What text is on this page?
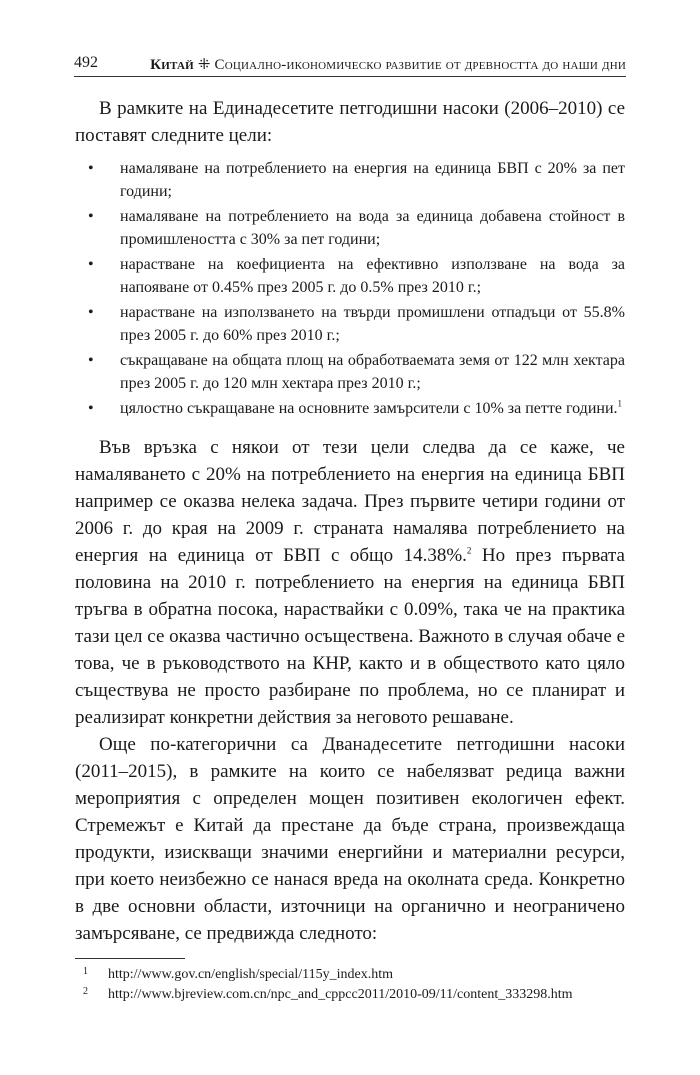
492	Китай ⁜ Социално-икономическо развитие от древността до наши дни

В рамките на Единадесетите петгодишни насоки (2006–2010) се поставят следните цели:

• намаляване на потреблението на енергия на единица БВП с 20% за пет години;
• намаляване на потреблението на вода за единица добавена стойност в промишлеността с 30% за пет години;
• нарастване на коефициента на ефективно използване на вода за напояване от 0.45% през 2005 г. до 0.5% през 2010 г.;
• нарастване на използването на твърди промишлени отпадъци от 55.8% през 2005 г. до 60% през 2010 г.;
• съкращаване на общата площ на обработваемата земя от 122 млн хектара през 2005 г. до 120 млн хектара през 2010 г.;
• цялостно съкращаване на основните замърсители с 10% за петте години.$^1$

Във връзка с някои от тези цели следва да се каже, че намаляването с 20% на потреблението на енергия на единица БВП например се оказва нелека задача. През първите четири години от 2006 г. до края на 2009 г. страната намалява потреблението на енергия на единица от БВП с общо 14.38%.$^2$ Но през първата половина на 2010 г. потреблението на енергия на единица БВП тръгва в обратна посока, нараствайки с 0.09%, така че на практика тази цел се оказва частично осъществена. Важното в случая обаче е това, че в ръководството на КНР, както и в обществото като цяло съществува не просто разбиране по проблема, но се планират и реализират конкретни действия за неговото решаване.

Още по-категорични са Дванадесетите петгодишни насоки (2011–2015), в рамките на които се набелязват редица важни мероприятия с определен мощен позитивен екологичен ефект. Стремежът е Китай да престане да бъде страна, произвеждаща продукти, изискващи значими енергийни и материални ресурси, при което неизбежно се нанася вреда на околната среда. Конкретно в две основни области, източници на органично и неограничено замърсяване, се предвижда следното:

1 http://www.gov.cn/english/special/115y_index.htm
2 http://www.bjreview.com.cn/npc_and_cppcc2011/2010-09/11/content_333298.htm
